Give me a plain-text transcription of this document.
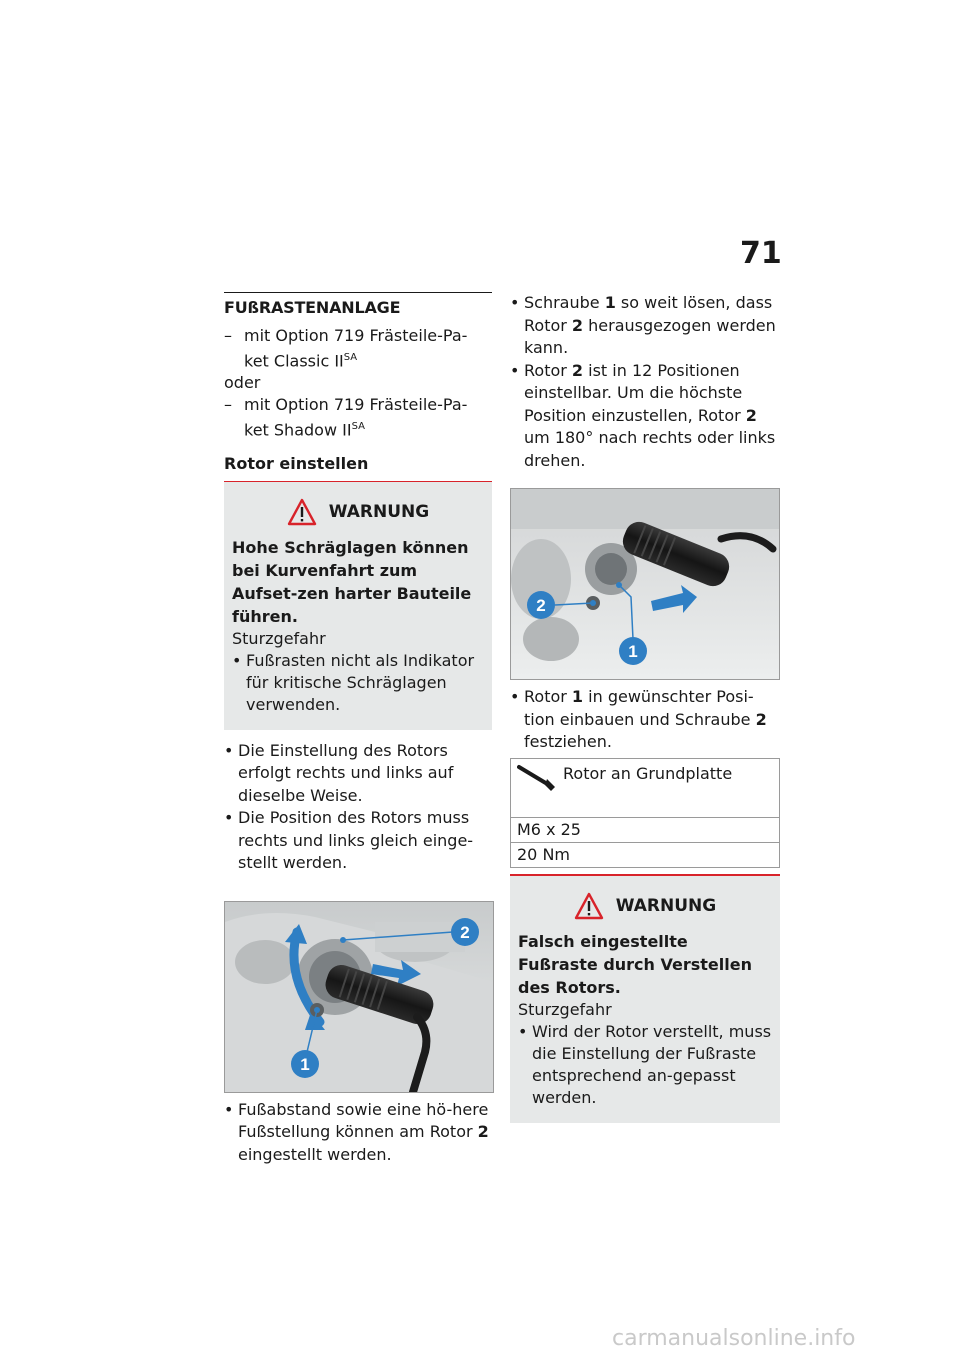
71
FUßRASTENANLAGE
– mit Option 719 Frästeile-Pa-ket Classic $II^{SA}$
oder
– mit Option 719 Frästeile-Pa-ket Shadow $II^{SA}$
Rotor einstellen
WARNUNG
Hohe Schräglagen können bei Kurvenfahrt zum Aufset-zen harter Bauteile führen.
Sturzgefahr
• Fußrasten nicht als Indikator für kritische Schräglagen verwenden.
• Die Einstellung des Rotors erfolgt rechts und links auf dieselbe Weise.
• Die Position des Rotors muss rechts und links gleich einge-stellt werden.
2
1
• Fußabstand sowie eine hö-here Fußstellung können am Rotor 2 eingestellt werden.
• Schraube 1 so weit lösen, dass Rotor 2 herausgezogen werden kann.
• Rotor 2 ist in 12 Positionen einstellbar. Um die höchste Position einzustellen, Rotor 2 um 180° nach rechts oder links drehen.
2
1
• Rotor 1 in gewünschter Posi-tion einbauen und Schraube 2 festziehen.
Rotor an Grundplatte
M6 x 25
20 Nm
WARNUNG
Falsch eingestellte Fußraste durch Verstellen des Rotors.
Sturzgefahr
• Wird der Rotor verstellt, muss die Einstellung der Fußraste entsprechend an-gepasst werden.
carmanualsonline.info
